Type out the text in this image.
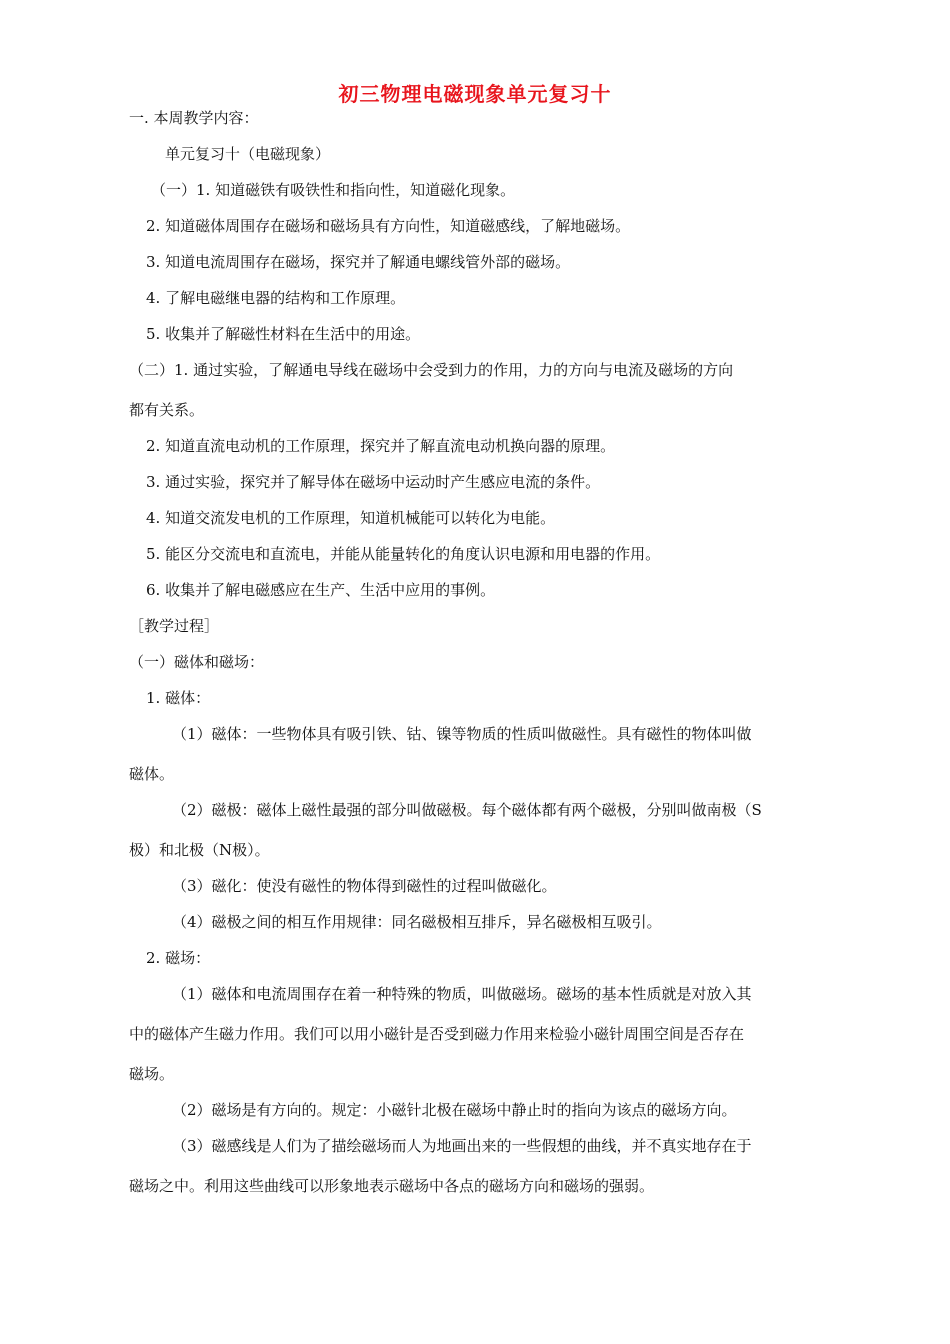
初三物理电磁现象单元复习十
一. 本周教学内容：
单元复习十（电磁现象）
（一）1. 知道磁铁有吸铁性和指向性，知道磁化现象。
2. 知道磁体周围存在磁场和磁场具有方向性，知道磁感线，了解地磁场。
3. 知道电流周围存在磁场，探究并了解通电螺线管外部的磁场。
4. 了解电磁继电器的结构和工作原理。
5. 收集并了解磁性材料在生活中的用途。
（二）1. 通过实验，了解通电导线在磁场中会受到力的作用，力的方向与电流及磁场的方向
都有关系。
2. 知道直流电动机的工作原理，探究并了解直流电动机换向器的原理。
3. 通过实验，探究并了解导体在磁场中运动时产生感应电流的条件。
4. 知道交流发电机的工作原理，知道机械能可以转化为电能。
5. 能区分交流电和直流电，并能从能量转化的角度认识电源和用电器的作用。
6. 收集并了解电磁感应在生产、生活中应用的事例。
［教学过程］
（一）磁体和磁场：
1. 磁体：
（1）磁体：一些物体具有吸引铁、钴、镍等物质的性质叫做磁性。具有磁性的物体叫做
磁体。
（2）磁极：磁体上磁性最强的部分叫做磁极。每个磁体都有两个磁极，分别叫做南极（S
极）和北极（N极）。
（3）磁化：使没有磁性的物体得到磁性的过程叫做磁化。
（4）磁极之间的相互作用规律：同名磁极相互排斥，异名磁极相互吸引。
2. 磁场：
（1）磁体和电流周围存在着一种特殊的物质，叫做磁场。磁场的基本性质就是对放入其
中的磁体产生磁力作用。我们可以用小磁针是否受到磁力作用来检验小磁针周围空间是否存在
磁场。
（2）磁场是有方向的。规定：小磁针北极在磁场中静止时的指向为该点的磁场方向。
（3）磁感线是人们为了描绘磁场而人为地画出来的一些假想的曲线，并不真实地存在于
磁场之中。利用这些曲线可以形象地表示磁场中各点的磁场方向和磁场的强弱。
